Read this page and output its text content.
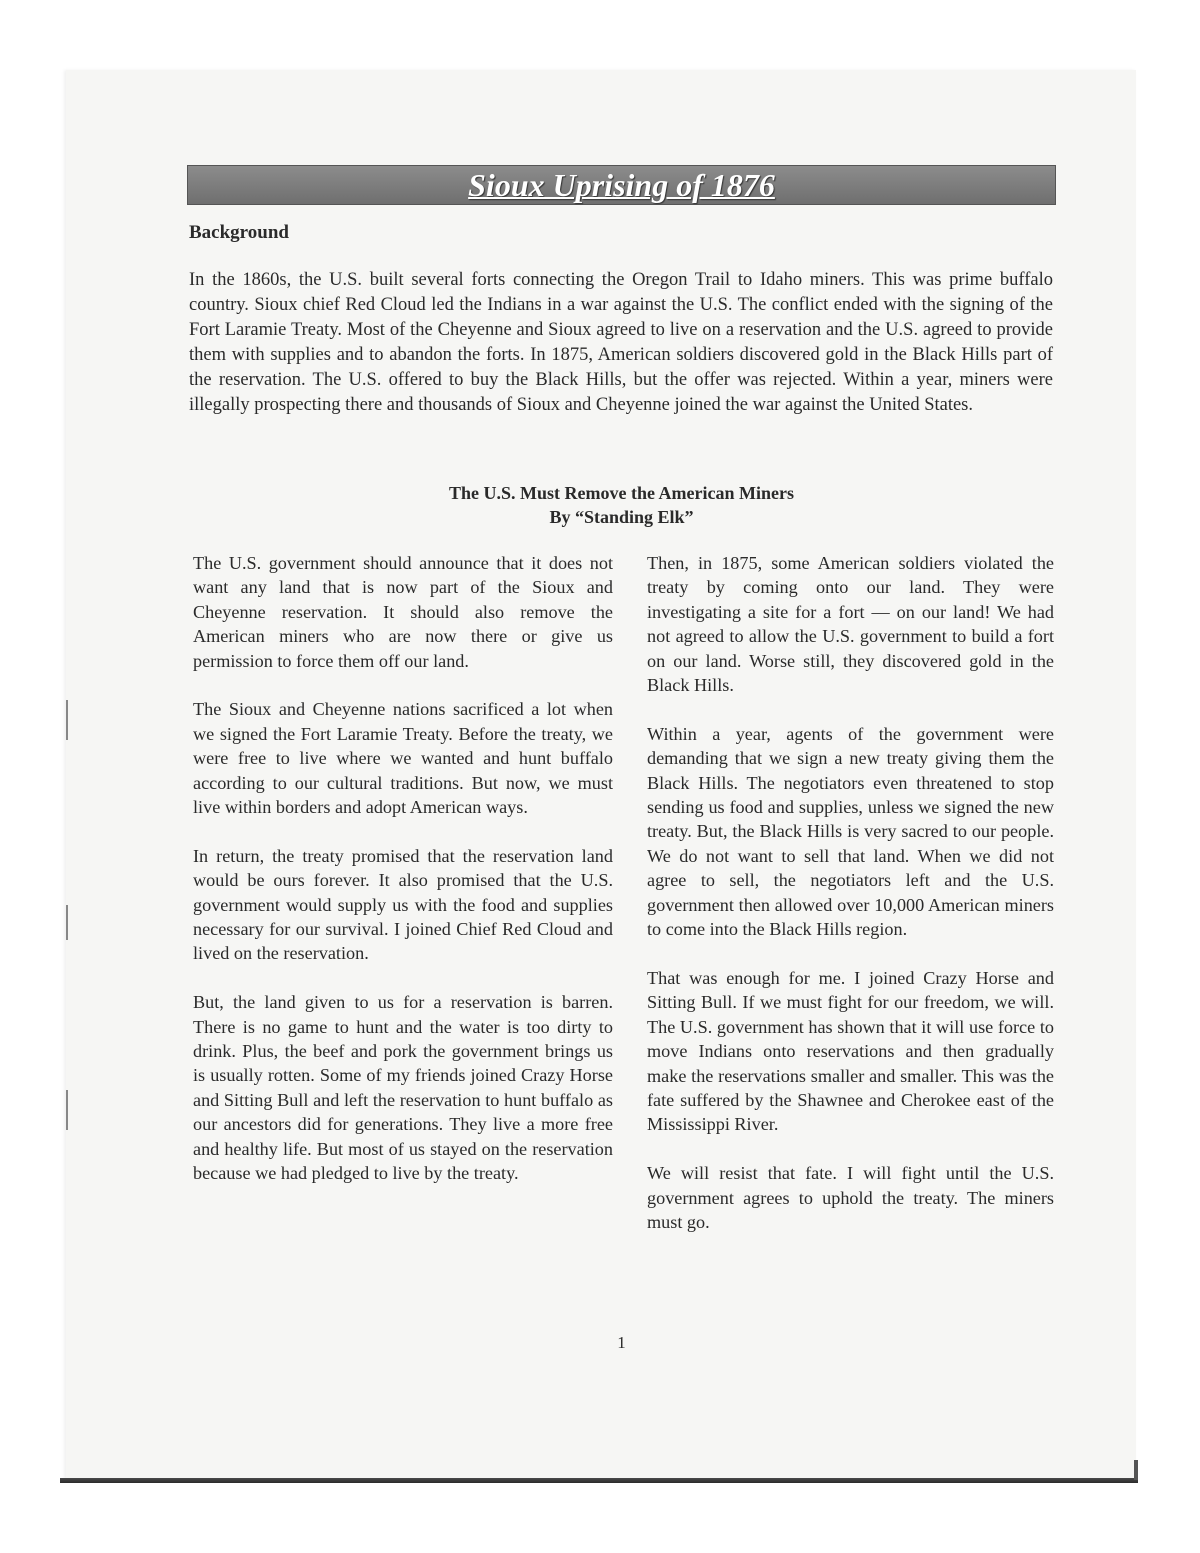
Sioux Uprising of 1876
Background

In the 1860s, the U.S. built several forts connecting the Oregon Trail to Idaho miners. This was prime buffalo country. Sioux chief Red Cloud led the Indians in a war against the U.S. The conflict ended with the signing of the Fort Laramie Treaty. Most of the Cheyenne and Sioux agreed to live on a reservation and the U.S. agreed to provide them with supplies and to abandon the forts. In 1875, American soldiers discovered gold in the Black Hills part of the reservation. The U.S. offered to buy the Black Hills, but the offer was rejected. Within a year, miners were illegally prospecting there and thousands of Sioux and Cheyenne joined the war against the United States.

The U.S. Must Remove the American Miners
By “Standing Elk”

The U.S. government should announce that it does not want any land that is now part of the Sioux and Cheyenne reservation. It should also remove the American miners who are now there or give us permission to force them off our land.

The Sioux and Cheyenne nations sacrificed a lot when we signed the Fort Laramie Treaty. Before the treaty, we were free to live where we wanted and hunt buffalo according to our cultural traditions. But now, we must live within borders and adopt American ways.

In return, the treaty promised that the reservation land would be ours forever. It also promised that the U.S. government would supply us with the food and supplies necessary for our survival. I joined Chief Red Cloud and lived on the reservation.

But, the land given to us for a reservation is barren. There is no game to hunt and the water is too dirty to drink. Plus, the beef and pork the government brings us is usually rotten. Some of my friends joined Crazy Horse and Sitting Bull and left the reservation to hunt buffalo as our ancestors did for generations. They live a more free and healthy life. But most of us stayed on the reservation because we had pledged to live by the treaty.

Then, in 1875, some American soldiers violated the treaty by coming onto our land. They were investigating a site for a fort — on our land! We had not agreed to allow the U.S. government to build a fort on our land. Worse still, they discovered gold in the Black Hills.

Within a year, agents of the government were demanding that we sign a new treaty giving them the Black Hills. The negotiators even threatened to stop sending us food and supplies, unless we signed the new treaty. But, the Black Hills is very sacred to our people. We do not want to sell that land. When we did not agree to sell, the negotiators left and the U.S. government then allowed over 10,000 American miners to come into the Black Hills region.

That was enough for me. I joined Crazy Horse and Sitting Bull. If we must fight for our freedom, we will. The U.S. government has shown that it will use force to move Indians onto reservations and then gradually make the reservations smaller and smaller. This was the fate suffered by the Shawnee and Cherokee east of the Mississippi River.

We will resist that fate. I will fight until the U.S. government agrees to uphold the treaty. The miners must go.

1
